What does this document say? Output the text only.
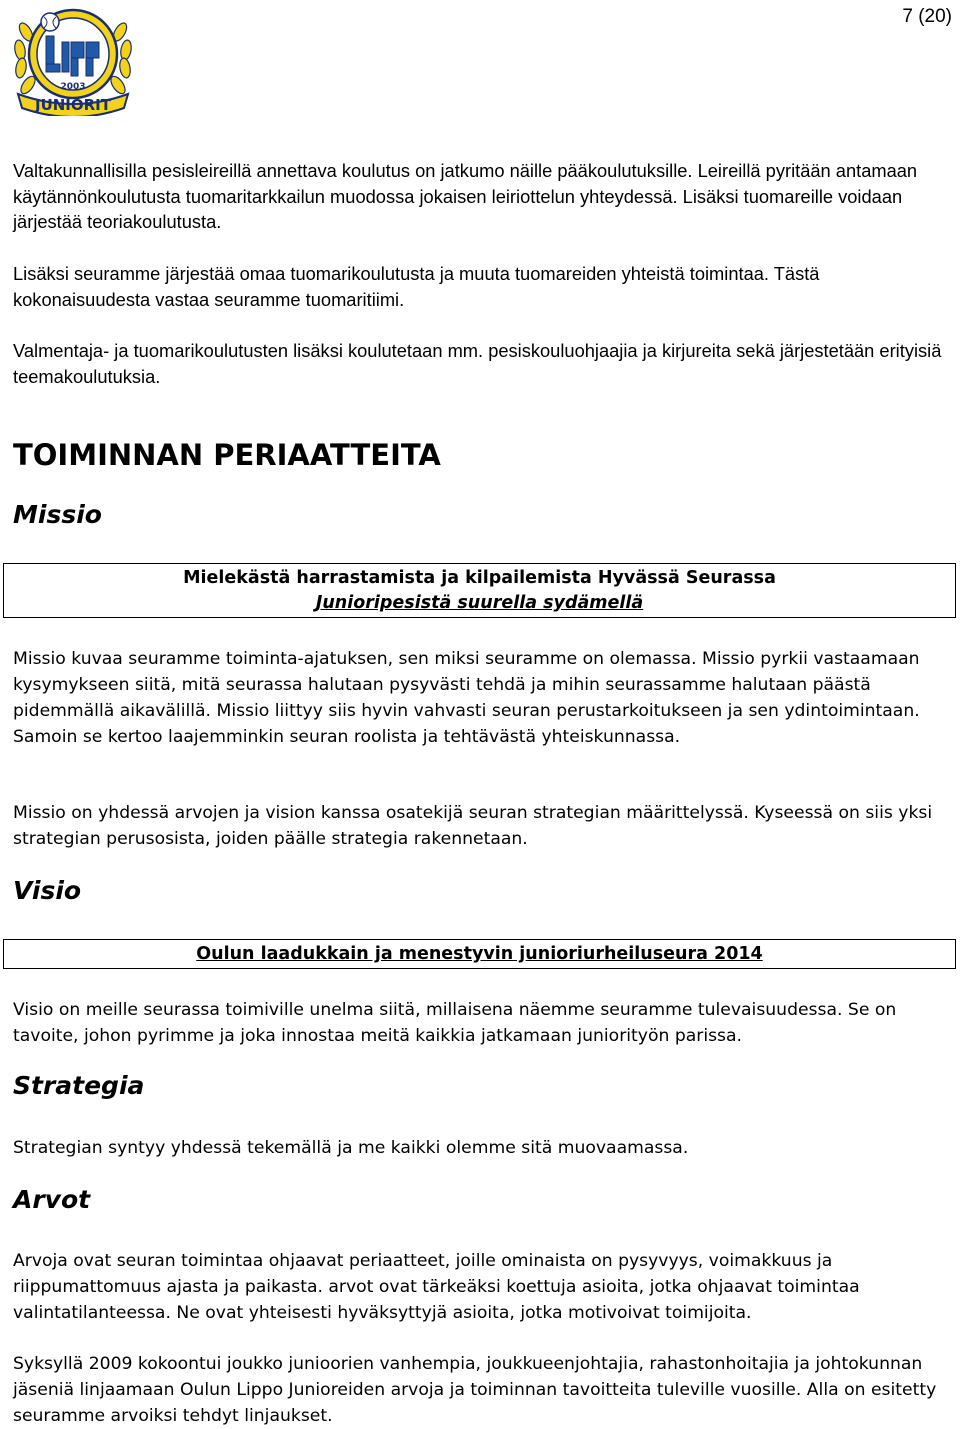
7 (20)
2003
JUNIORIT

Valtakunnallisilla pesisleireillä annettava koulutus on jatkumo näille pääkoulutuksille. Leireillä pyritään antamaan käytännönkoulutusta tuomaritarkkailun muodossa jokaisen leiriottelun yhteydessä. Lisäksi tuomareille voidaan järjestää teoriakoulutusta.

Lisäksi seuramme järjestää omaa tuomarikoulutusta ja muuta tuomareiden yhteistä toimintaa. Tästä kokonaisuudesta vastaa seuramme tuomaritiimi.

Valmentaja- ja tuomarikoulutusten lisäksi koulutetaan mm. pesiskouluohjaajia ja kirjureita sekä järjestetään erityisiä teemakoulutuksia.

TOIMINNAN PERIAATTEITA
Missio
Mielekästä harrastamista ja kilpailemista Hyvässä Seurassa
Junioripesistä suurella sydämellä

Missio kuvaa seuramme toiminta-ajatuksen, sen miksi seuramme on olemassa. Missio pyrkii vastaamaan kysymykseen siitä, mitä seurassa halutaan pysyvästi tehdä ja mihin seurassamme halutaan päästä pidemmällä aikavälillä. Missio liittyy siis hyvin vahvasti seuran perustarkoitukseen ja sen ydintoimintaan. Samoin se kertoo laajemminkin seuran roolista ja tehtävästä yhteiskunnassa.

Missio on yhdessä arvojen ja vision kanssa osatekijä seuran strategian määrittelyssä. Kyseessä on siis yksi strategian perusosista, joiden päälle strategia rakennetaan.

Visio
Oulun laadukkain ja menestyvin junioriurheiluseura 2014

Visio on meille seurassa toimiville unelma siitä, millaisena näemme seuramme tulevaisuudessa. Se on tavoite, johon pyrimme ja joka innostaa meitä kaikkia jatkamaan juniorityön parissa.

Strategia

Strategian syntyy yhdessä tekemällä ja me kaikki olemme sitä muovaamassa.

Arvot

Arvoja ovat seuran toimintaa ohjaavat periaatteet, joille ominaista on pysyvyys, voimakkuus ja riippumattomuus ajasta ja paikasta. arvot ovat tärkeäksi koettuja asioita, jotka ohjaavat toimintaa valintatilanteessa. Ne ovat yhteisesti hyväksyttyjä asioita, jotka motivoivat toimijoita.

Syksyllä 2009 kokoontui joukko junioorien vanhempia, joukkueenjohtajia, rahastonhoitajia ja johtokunnan jäseniä linjaamaan Oulun Lippo Junioreiden arvoja ja toiminnan tavoitteita tuleville vuosille. Alla on esitetty seuramme arvoiksi tehdyt linjaukset.
